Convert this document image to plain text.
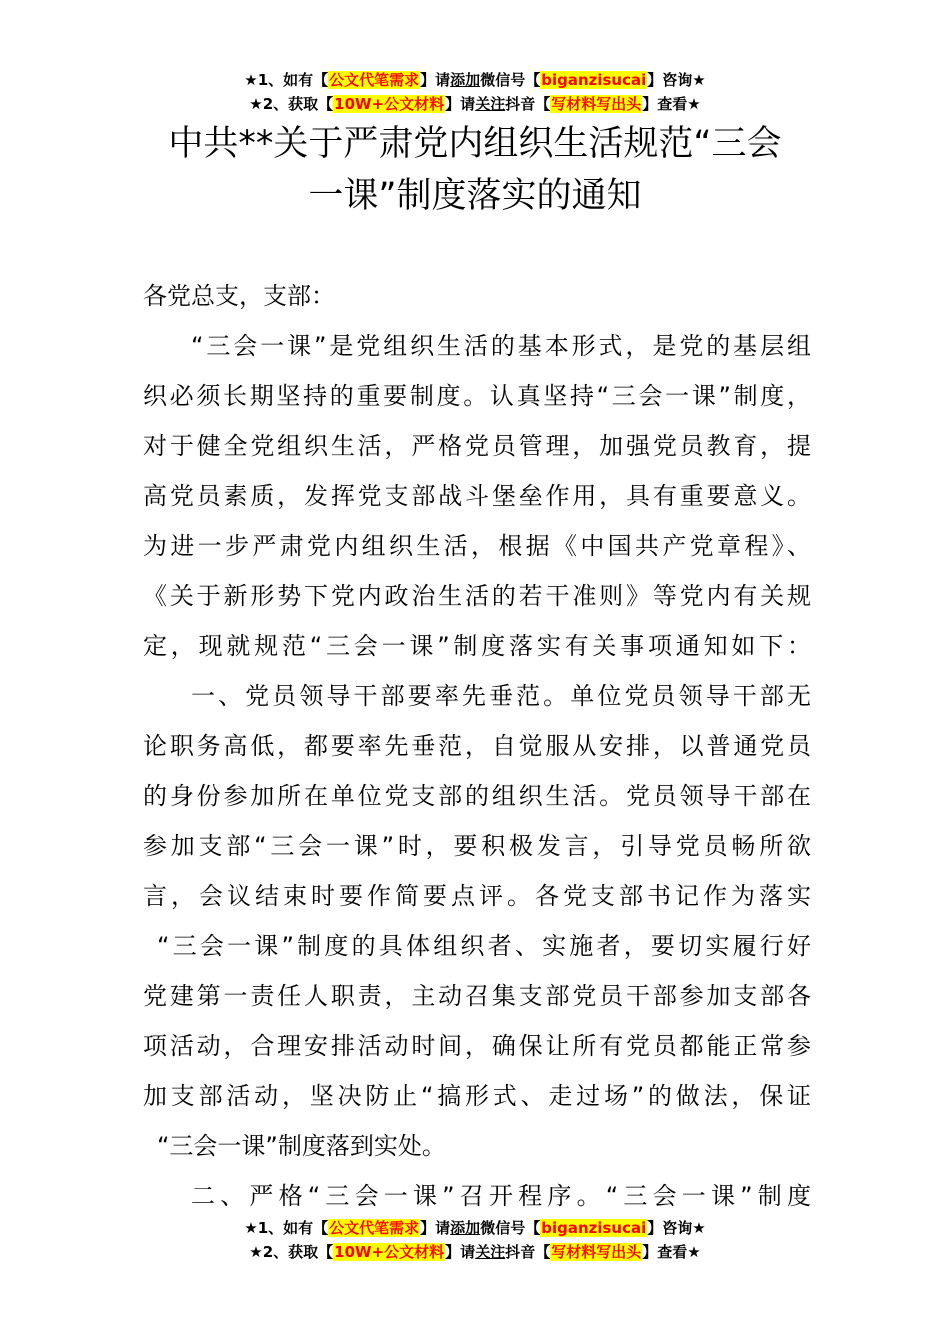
★1、如有【公文代笔需求】请添加微信号【biganzisucai】咨询★
★2、获取【10W+公文材料】请关注抖音【写材料写出头】查看★
中共**关于严肃党内组织生活规范“三会
一课”制度落实的通知
各党总支，支部：
“三会一课”是党组织生活的基本形式，是党的基层组
织必须长期坚持的重要制度。认真坚持“三会一课”制度，
对于健全党组织生活，严格党员管理，加强党员教育，提
高党员素质，发挥党支部战斗堡垒作用，具有重要意义。
为进一步严肃党内组织生活，根据《中国共产党章程》、
《关于新形势下党内政治生活的若干准则》等党内有关规
定，现就规范“三会一课”制度落实有关事项通知如下：
一、党员领导干部要率先垂范。单位党员领导干部无
论职务高低，都要率先垂范，自觉服从安排，以普通党员
的身份参加所在单位党支部的组织生活。党员领导干部在
参加支部“三会一课”时，要积极发言，引导党员畅所欲
言，会议结束时要作简要点评。各党支部书记作为落实
“三会一课”制度的具体组织者、实施者，要切实履行好
党建第一责任人职责，主动召集支部党员干部参加支部各
项活动，合理安排活动时间，确保让所有党员都能正常参
加支部活动，坚决防止“搞形式、走过场”的做法，保证
“三会一课”制度落到实处。
二、严格“三会一课”召开程序。“三会一课”制度
★1、如有【公文代笔需求】请添加微信号【biganzisucai】咨询★
★2、获取【10W+公文材料】请关注抖音【写材料写出头】查看★
